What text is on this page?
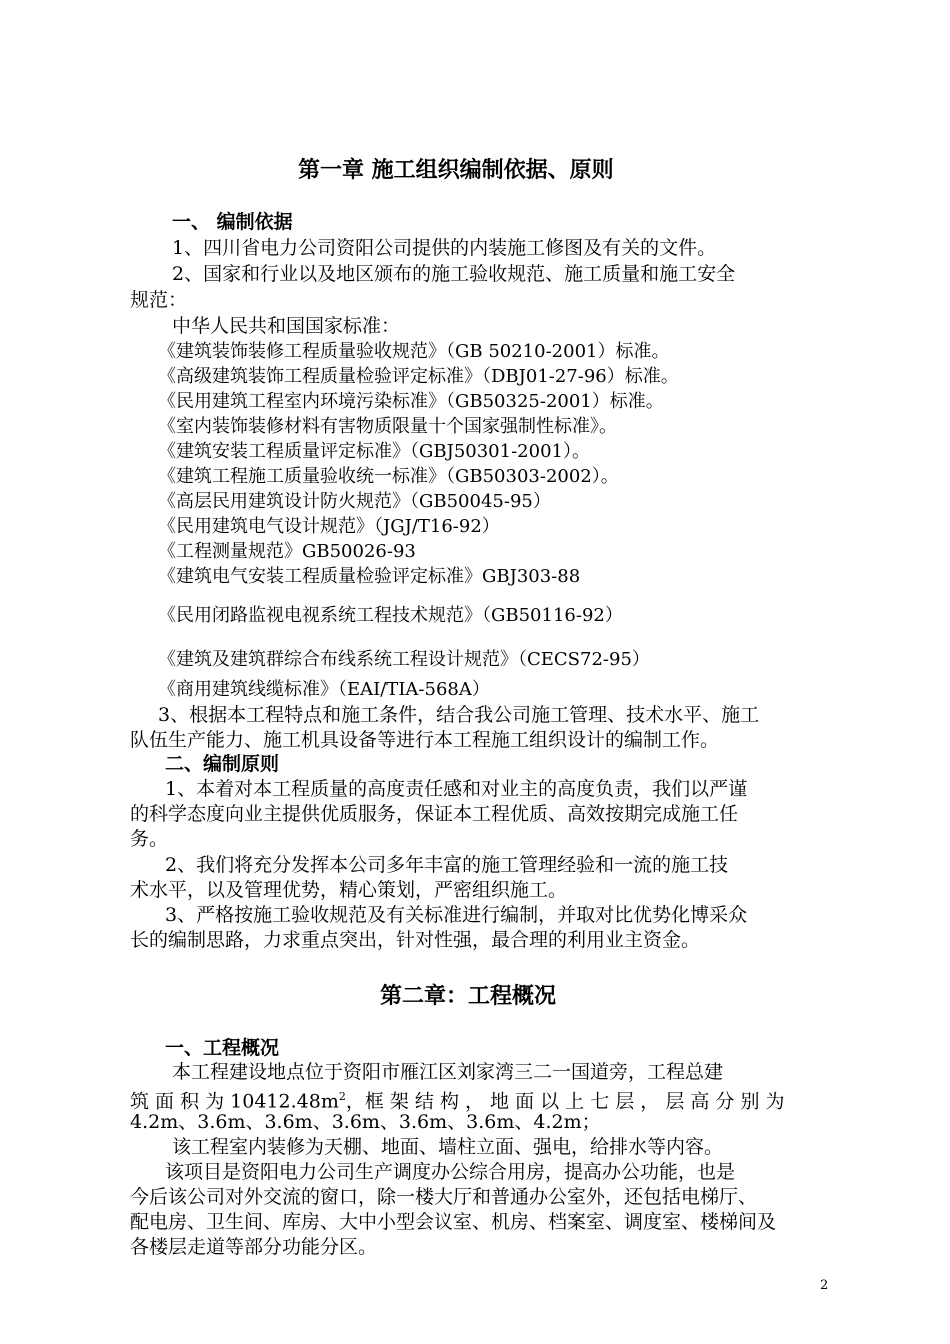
第一章 施工组织编制依据、原则
一、 编制依据
1、四川省电力公司资阳公司提供的内装施工修图及有关的文件。
2、国家和行业以及地区颁布的施工验收规范、施工质量和施工安全
规范：
中华人民共和国国家标准：
《建筑装饰装修工程质量验收规范》（GB 50210-2001）标准。
《高级建筑装饰工程质量检验评定标准》（DBJ01-27-96）标准。
《民用建筑工程室内环境污染标准》（GB50325-2001）标准。
《室内装饰装修材料有害物质限量十个国家强制性标准》。
《建筑安装工程质量评定标准》（GBJ50301-2001）。
《建筑工程施工质量验收统一标准》（GB50303-2002）。
《高层民用建筑设计防火规范》（GB50045-95）
《民用建筑电气设计规范》（JGJ/T16-92）
《工程测量规范》GB50026-93
《建筑电气安装工程质量检验评定标准》GBJ303-88
《民用闭路监视电视系统工程技术规范》（GB50116-92）
《建筑及建筑群综合布线系统工程设计规范》（CECS72-95）
《商用建筑线缆标准》（EAI/TIA-568A）
3、根据本工程特点和施工条件，结合我公司施工管理、技术水平、施工
队伍生产能力、施工机具设备等进行本工程施工组织设计的编制工作。
二、编制原则
1、本着对本工程质量的高度责任感和对业主的高度负责，我们以严谨
的科学态度向业主提供优质服务，保证本工程优质、高效按期完成施工任
务。
2、我们将充分发挥本公司多年丰富的施工管理经验和一流的施工技
术水平，以及管理优势，精心策划，严密组织施工。
3、严格按施工验收规范及有关标准进行编制，并取对比优势化博采众
长的编制思路，力求重点突出，针对性强，最合理的利用业主资金。
第二章：工程概况
一、工程概况
本工程建设地点位于资阳市雁江区刘家湾三二一国道旁，工程总建
筑 面 积 为 $10412.48m^2$，框 架 结 构 ， 地 面 以 上 七 层 ， 层 高 分 别 为
4.2m、3.6m、3.6m、3.6m、3.6m、3.6m、4.2m；
该工程室内装修为天棚、地面、墙柱立面、强电，给排水等内容。
该项目是资阳电力公司生产调度办公综合用房，提高办公功能，也是
今后该公司对外交流的窗口，除一楼大厅和普通办公室外，还包括电梯厅、
配电房、卫生间、库房、大中小型会议室、机房、档案室、调度室、楼梯间及
各楼层走道等部分功能分区。
2
